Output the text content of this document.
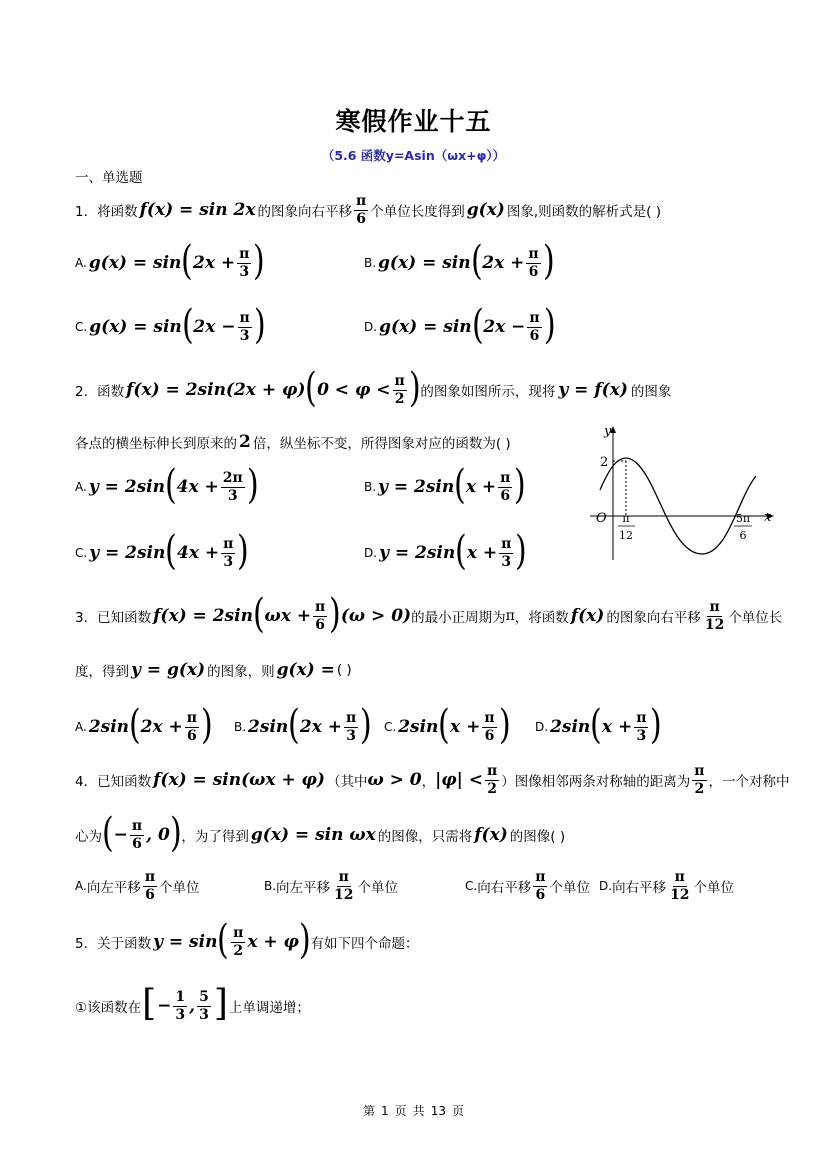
寒假作业十五
（5.6 函数y=Asin（ωx+φ））
一、单选题
1． 将函数 f(x) = sin 2x 的图象向右平移 $\frac{\pi}{6}$ 个单位长度得到 g(x) 图象,则函数的解析式是( )
A. g(x) = sin ( $2x + \frac{\pi}{3}$ )	B. g(x) = sin ( $2x + \frac{\pi}{6}$ )
C. g(x) = sin ( $2x - \frac{\pi}{3}$ )	D. g(x) = sin ( $2x - \frac{\pi}{6}$ )
2． 函数 f(x) = 2sin(2x + φ) ( $0 < \varphi < \frac{\pi}{2}$ ) 的图象如图所示，现将 y = f(x) 的图象
各点的横坐标伸长到原来的 2 倍，纵坐标不变，所得图象对应的函数为( )
A. y = 2sin ( $4x + \frac{2\pi}{3}$ )	B. y = 2sin ( $x + \frac{\pi}{6}$ )
C. y = 2sin ( $4x + \frac{\pi}{3}$ )	D. y = 2sin ( $x + \frac{\pi}{3}$ )
y
x
O
2
π
12
5π
6
3． 已知函数 f(x) = 2sin ( $\omega x + \frac{\pi}{6}$ ) (ω > 0) 的最小正周期为 π ，将函数 f(x) 的图象向右平移 $\frac{\pi}{12}$ 个单位长
度，得到 y = g(x) 的图象，则 g(x) = ( )
A. 2sin ( $2x + \frac{\pi}{6}$ ) B. 2sin ( $2x + \frac{\pi}{3}$ ) C. 2sin ( $x + \frac{\pi}{6}$ ) D. 2sin ( $x + \frac{\pi}{3}$ )
4． 已知函数 f(x) = sin(ωx + φ) （其中 ω > 0 ， $|\varphi| < \frac{\pi}{2}$ ）图像相邻两条对称轴的距离为 $\frac{\pi}{2}$ ，一个对称中
心为 ( − $\frac{\pi}{6}$ , 0 ) ，为了得到 g(x) = sin ωx 的图像，只需将 f(x) 的图像( )
A. 向左平移 $\frac{\pi}{6}$ 个单位	B. 向左平移 $\frac{\pi}{12}$ 个单位	C. 向右平移 $\frac{\pi}{6}$ 个单位 D. 向右平移 $\frac{\pi}{12}$ 个单位
5． 关于函数 y = sin ( $\frac{\pi}{2}$ x + φ ) 有如下四个命题：
①该函数在 [ − $\frac{1}{3}$ , $\frac{5}{3}$ ] 上单调递增；
第 1 页 共 13 页
